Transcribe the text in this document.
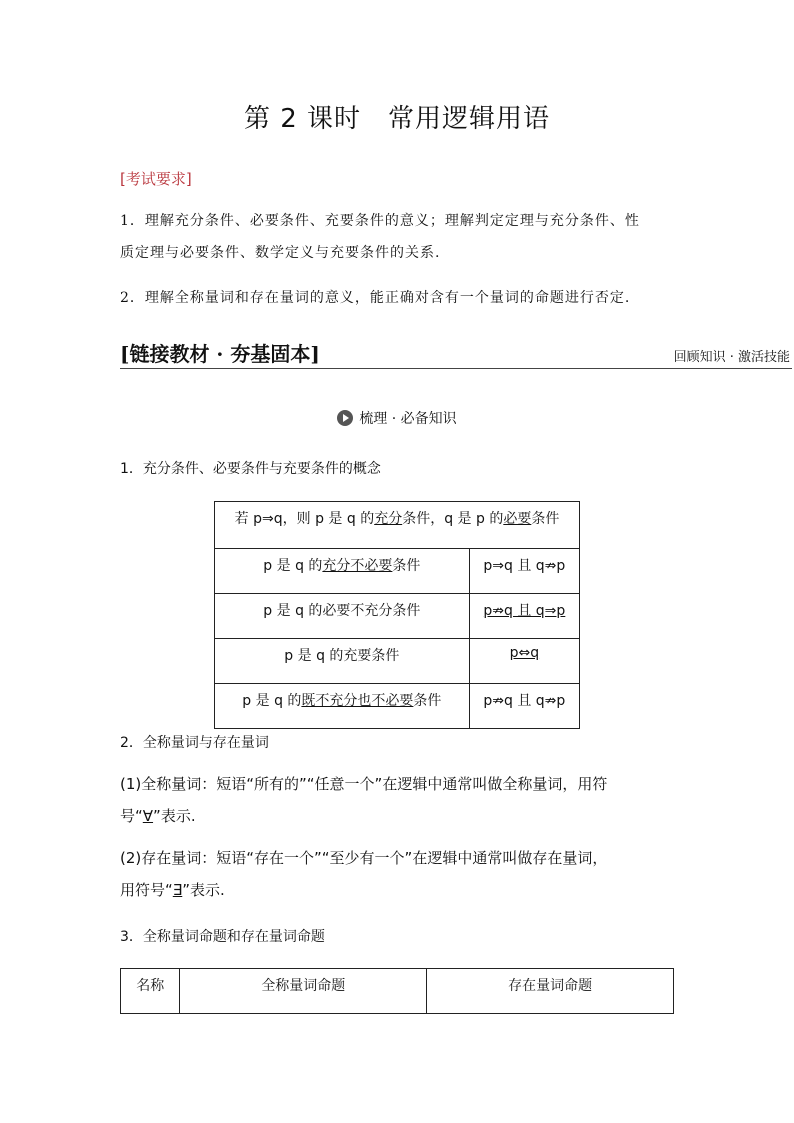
第 2 课时　常用逻辑用语
[考试要求]
1．理解充分条件、必要条件、充要条件的意义；理解判定定理与充分条件、性
质定理与必要条件、数学定义与充要条件的关系.
2．理解全称量词和存在量词的意义，能正确对含有一个量词的命题进行否定.
[链接教材 · 夯基固本]	回顾知识 · 激活技能
梳理 · 必备知识
1．充分条件、必要条件与充要条件的概念
若 p⇒q，则 p 是 q 的充分条件，q 是 p 的必要条件	
p 是 q 的充分不必要条件	p⇒q 且 q⇏p
p 是 q 的必要不充分条件	p⇏q 且 q⇒p
p 是 q 的充要条件	p⇔q
p 是 q 的既不充分也不必要条件	p⇏q 且 q⇏p
2．全称量词与存在量词
(1)全称量词：短语“所有的”“任意一个”在逻辑中通常叫做全称量词，用符
号“∀”表示.
(2)存在量词：短语“存在一个”“至少有一个”在逻辑中通常叫做存在量词，
用符号“∃”表示.
3．全称量词命题和存在量词命题
名称	全称量词命题	存在量词命题
